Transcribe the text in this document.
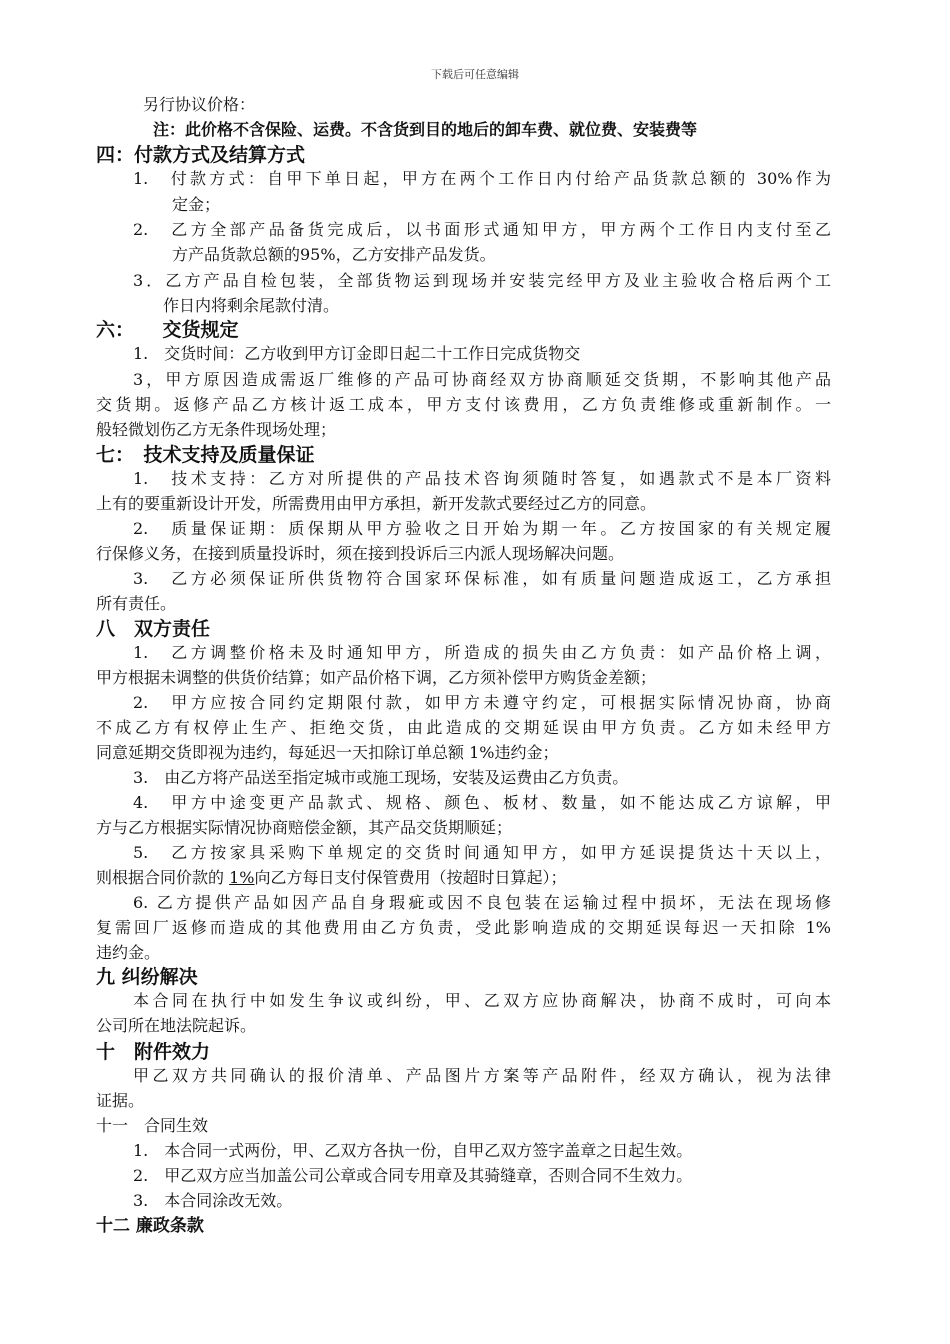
下载后可任意编辑
另行协议价格：
注：此价格不含保险、运费。不含货到目的地后的卸车费、就位费、安装费等
四：付款方式及结算方式
1.　付款方式：自甲下单日起，甲方在两个工作日内付给产品货款总额的 30%作为
定金；
2.　乙方全部产品备货完成后，以书面形式通知甲方，甲方两个工作日内支付至乙
方产品货款总额的95%，乙方安排产品发货。
3．乙方产品自检包装，全部货物运到现场并安装完经甲方及业主验收合格后两个工
作日内将剩余尾款付清。
六：　　交货规定
1.　交货时间：乙方收到甲方订金即日起二十工作日完成货物交
3，甲方原因造成需返厂维修的产品可协商经双方协商顺延交货期，不影响其他产品
交货期。返修产品乙方核计返工成本，甲方支付该费用，乙方负责维修或重新制作。一
般轻微划伤乙方无条件现场处理；
七：　技术支持及质量保证
1.　技术支持：乙方对所提供的产品技术咨询须随时答复，如遇款式不是本厂资料
上有的要重新设计开发，所需费用由甲方承担，新开发款式要经过乙方的同意。
2.　质量保证期：质保期从甲方验收之日开始为期一年。乙方按国家的有关规定履
行保修义务，在接到质量投诉时，须在接到投诉后三内派人现场解决问题。
3.　乙方必须保证所供货物符合国家环保标准，如有质量问题造成返工，乙方承担
所有责任。
八　双方责任
1.　乙方调整价格未及时通知甲方，所造成的损失由乙方负责：如产品价格上调，
甲方根据未调整的供货价结算；如产品价格下调，乙方须补偿甲方购货金差额；
2.　甲方应按合同约定期限付款，如甲方未遵守约定，可根据实际情况协商，协商
不成乙方有权停止生产、拒绝交货，由此造成的交期延误由甲方负责。乙方如未经甲方
同意延期交货即视为违约，每延迟一天扣除订单总额 1%违约金；
3.　由乙方将产品送至指定城市或施工现场，安装及运费由乙方负责。
4.　甲方中途变更产品款式、规格、颜色、板材、数量，如不能达成乙方谅解，甲
方与乙方根据实际情况协商赔偿金额，其产品交货期顺延；
5.　乙方按家具采购下单规定的交货时间通知甲方，如甲方延误提货达十天以上，
则根据合同价款的 1%向乙方每日支付保管费用（按超时日算起）；
6. 乙方提供产品如因产品自身瑕疵或因不良包装在运输过程中损坏，无法在现场修
复需回厂返修而造成的其他费用由乙方负责，受此影响造成的交期延误每迟一天扣除 1%
违约金。
九 纠纷解决
本合同在执行中如发生争议或纠纷，甲、乙双方应协商解决，协商不成时，可向本
公司所在地法院起诉。
十　附件效力
甲乙双方共同确认的报价清单、产品图片方案等产品附件，经双方确认，视为法律
证据。
十一　合同生效
1.　本合同一式两份，甲、乙双方各执一份，自甲乙双方签字盖章之日起生效。
2.　甲乙双方应当加盖公司公章或合同专用章及其骑缝章，否则合同不生效力。
3.　本合同涂改无效。
十二 廉政条款
